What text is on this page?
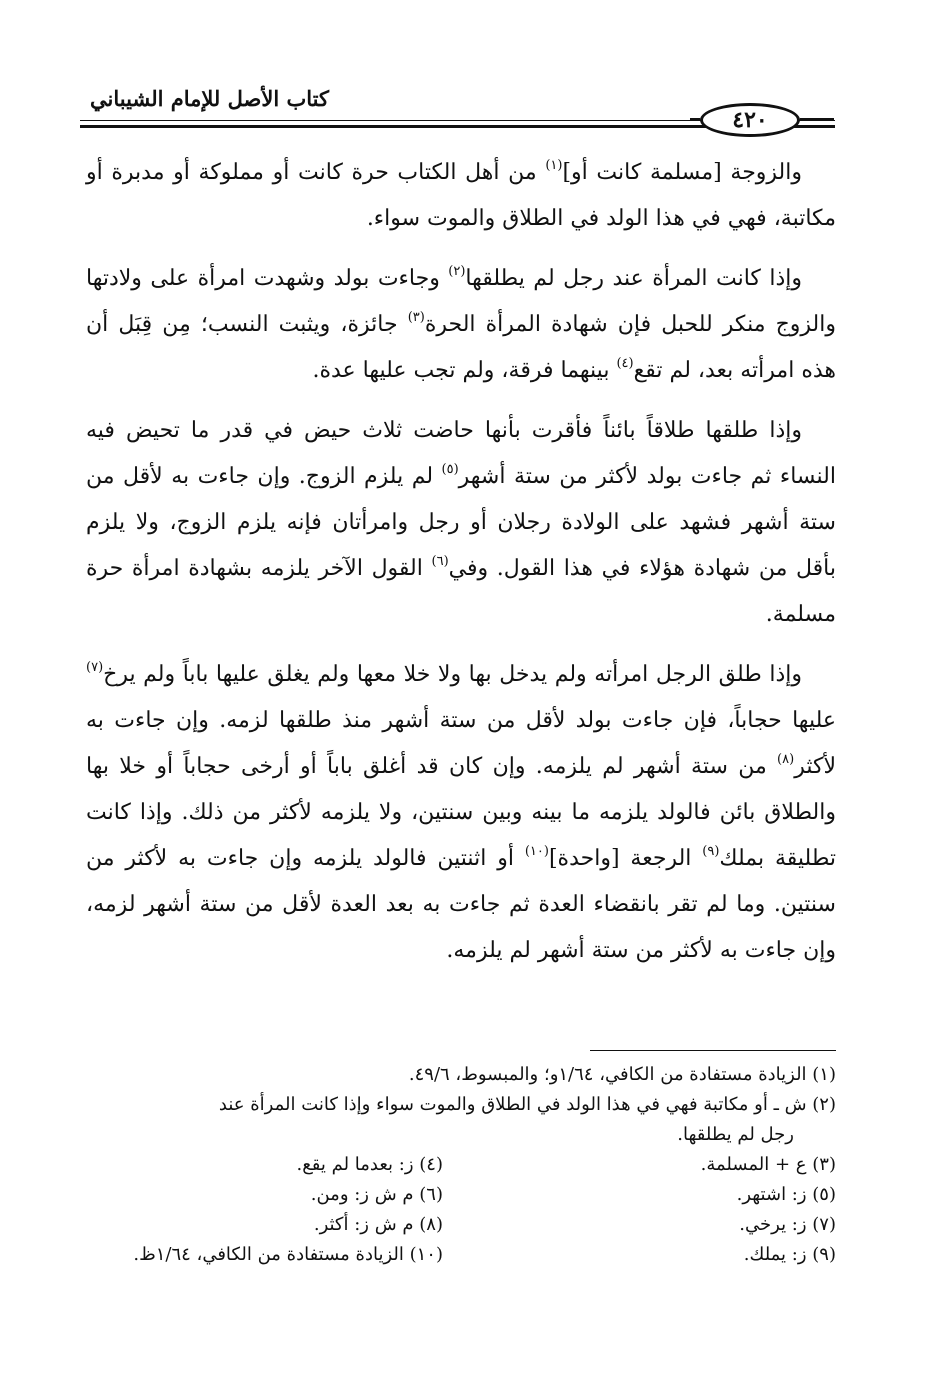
كتاب الأصل للإمام الشيباني
٤٢٠

والزوجة [مسلمة كانت أو]$^{(١)}$ من أهل الكتاب حرة كانت أو مملوكة أو مدبرة أو مكاتبة، فهي في هذا الولد في الطلاق والموت سواء.

وإذا كانت المرأة عند رجل لم يطلقها$^{(٢)}$ وجاءت بولد وشهدت امرأة على ولادتها والزوج منكر للحبل فإن شهادة المرأة الحرة$^{(٣)}$ جائزة، ويثبت النسب؛ مِن قِبَل أن هذه امرأته بعد، لم تقع$^{(٤)}$ بينهما فرقة، ولم تجب عليها عدة.

وإذا طلقها طلاقاً بائناً فأقرت بأنها حاضت ثلاث حيض في قدر ما تحيض فيه النساء ثم جاءت بولد لأكثر من ستة أشهر$^{(٥)}$ لم يلزم الزوج. وإن جاءت به لأقل من ستة أشهر فشهد على الولادة رجلان أو رجل وامرأتان فإنه يلزم الزوج، ولا يلزم بأقل من شهادة هؤلاء في هذا القول. وفي$^{(٦)}$ القول الآخر يلزمه بشهادة امرأة حرة مسلمة.

وإذا طلق الرجل امرأته ولم يدخل بها ولا خلا معها ولم يغلق عليها باباً ولم يرخ$^{(٧)}$ عليها حجاباً، فإن جاءت بولد لأقل من ستة أشهر منذ طلقها لزمه. وإن جاءت به لأكثر$^{(٨)}$ من ستة أشهر لم يلزمه. وإن كان قد أغلق باباً أو أرخى حجاباً أو خلا بها والطلاق بائن فالولد يلزمه ما بينه وبين سنتين، ولا يلزمه لأكثر من ذلك. وإذا كانت تطليقة بملك$^{(٩)}$ الرجعة [واحدة]$^{(١٠)}$ أو اثنتين فالولد يلزمه وإن جاءت به لأكثر من سنتين. وما لم تقر بانقضاء العدة ثم جاءت به بعد العدة لأقل من ستة أشهر لزمه، وإن جاءت به لأكثر من ستة أشهر لم يلزمه.

(١) الزيادة مستفادة من الكافي، ١/٦٤و؛ والمبسوط، ٤٩/٦.

(٢) ش ـ أو مكاتبة فهي في هذا الولد في الطلاق والموت سواء وإذا كانت المرأة عند

رجل لم يطلقها.

(٣) ع + المسلمة.

(٥) ز: اشتهر.

(٧) ز: يرخي.

(٩) ز: يملك.

(٤) ز: بعدما لم يقع.

(٦) م ش ز: ومن.

(٨) م ش ز: أكثر.

(١٠) الزيادة مستفادة من الكافي، ١/٦٤ظ.
